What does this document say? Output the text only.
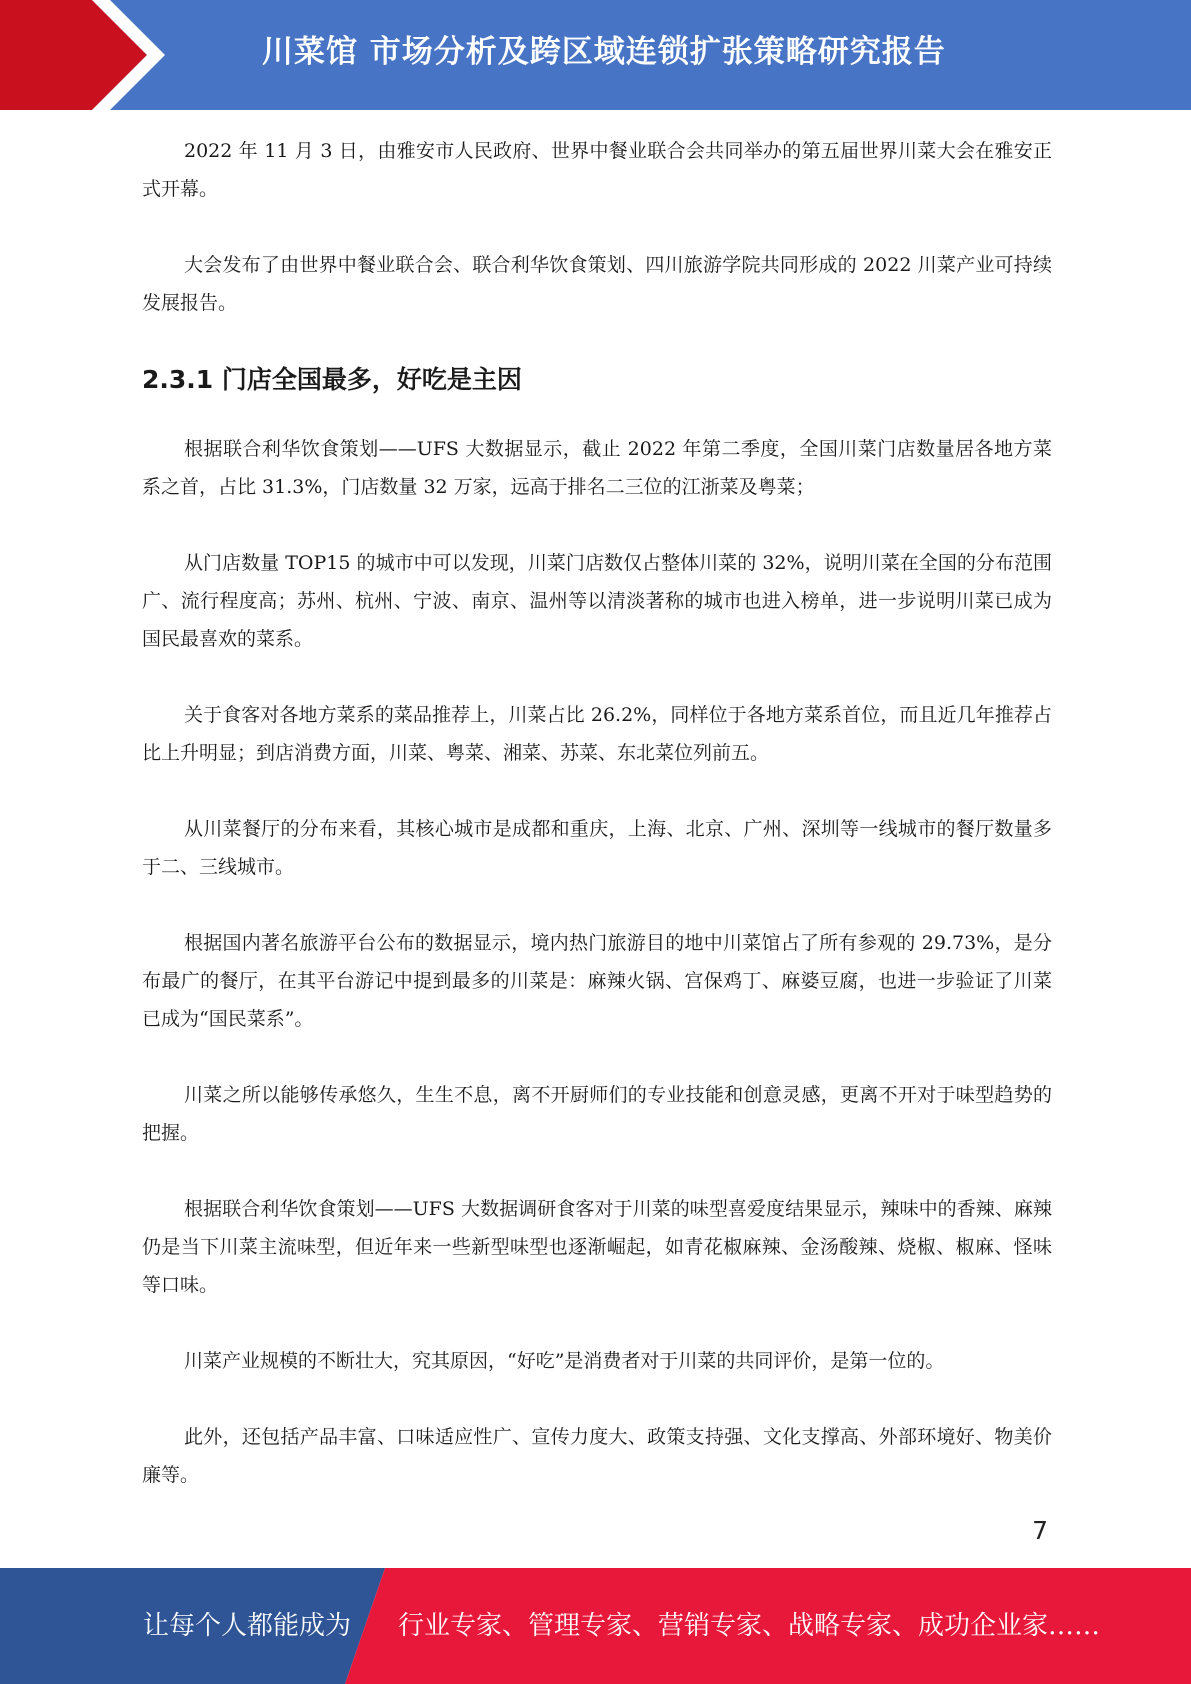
川菜馆 市场分析及跨区域连锁扩张策略研究报告

2022 年 11 月 3 日，由雅安市人民政府、世界中餐业联合会共同举办的第五届世界川菜大会在雅安正式开幕。

大会发布了由世界中餐业联合会、联合利华饮食策划、四川旅游学院共同形成的 2022 川菜产业可持续发展报告。

2.3.1 门店全国最多，好吃是主因

根据联合利华饮食策划——UFS 大数据显示，截止 2022 年第二季度，全国川菜门店数量居各地方菜系之首，占比 31.3%，门店数量 32 万家，远高于排名二三位的江浙菜及粤菜；

从门店数量 TOP15 的城市中可以发现，川菜门店数仅占整体川菜的 32%，说明川菜在全国的分布范围广、流行程度高；苏州、杭州、宁波、南京、温州等以清淡著称的城市也进入榜单，进一步说明川菜已成为国民最喜欢的菜系。

关于食客对各地方菜系的菜品推荐上，川菜占比 26.2%，同样位于各地方菜系首位，而且近几年推荐占比上升明显；到店消费方面，川菜、粤菜、湘菜、苏菜、东北菜位列前五。

从川菜餐厅的分布来看，其核心城市是成都和重庆，上海、北京、广州、深圳等一线城市的餐厅数量多于二、三线城市。

根据国内著名旅游平台公布的数据显示，境内热门旅游目的地中川菜馆占了所有参观的 29.73%，是分布最广的餐厅，在其平台游记中提到最多的川菜是：麻辣火锅、宫保鸡丁、麻婆豆腐，也进一步验证了川菜已成为“国民菜系”。

川菜之所以能够传承悠久，生生不息，离不开厨师们的专业技能和创意灵感，更离不开对于味型趋势的把握。

根据联合利华饮食策划——UFS 大数据调研食客对于川菜的味型喜爱度结果显示，辣味中的香辣、麻辣仍是当下川菜主流味型，但近年来一些新型味型也逐渐崛起，如青花椒麻辣、金汤酸辣、烧椒、椒麻、怪味等口味。

川菜产业规模的不断壮大，究其原因，“好吃”是消费者对于川菜的共同评价，是第一位的。

此外，还包括产品丰富、口味适应性广、宣传力度大、政策支持强、文化支撑高、外部环境好、物美价廉等。

7
让每个人都能成为 行业专家、管理专家、营销专家、战略专家、成功企业家……
